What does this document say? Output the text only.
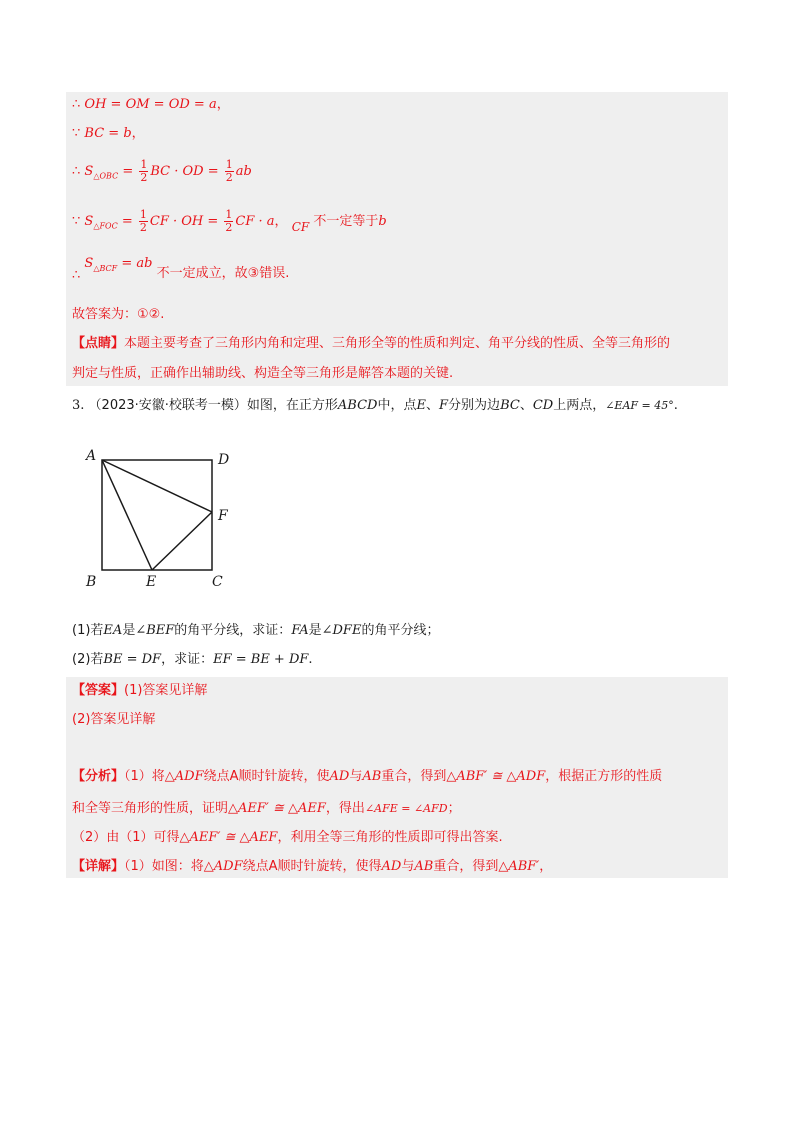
∴ OH = OM = OD = a，
∵ BC = b，
∴ $S_{\triangle OBC} = \frac{1}{2}$ BC · OD = $\frac{1}{2}$ ab
∵ $S_{\triangle FOC} = \frac{1}{2}$ CF · OH = $\frac{1}{2}$ CF · a， CF 不一定等于b
∴ $S_{\triangle BCF}$ = ab 不一定成立，故③错误.
故答案为：①②.
【点睛】本题主要考查了三角形内角和定理、三角形全等的性质和判定、角平分线的性质、全等三角形的
判定与性质，正确作出辅助线、构造全等三角形是解答本题的关键.
3. （2023·安徽·校联考一模）如图，在正方形ABCD中，点E、F分别为边BC、CD上两点，∠EAF = 45°.
A	D
F
B	E	C
(1)若EA是∠BEF的角平分线，求证：FA是∠DFE的角平分线；
(2)若BE = DF，求证：EF = BE + DF.
【答案】(1)答案见详解
(2)答案见详解
【分析】（1）将△ADF绕点A顺时针旋转，使AD与AB重合，得到△ABF′ ≅ △ADF，根据正方形的性质
和全等三角形的性质，证明△AEF′ ≅ △AEF，得出∠AFE = ∠AFD；
（2）由（1）可得△AEF′ ≅ △AEF，利用全等三角形的性质即可得出答案.
【详解】（1）如图：将△ADF绕点A顺时针旋转，使得AD与AB重合，得到△ABF′，
